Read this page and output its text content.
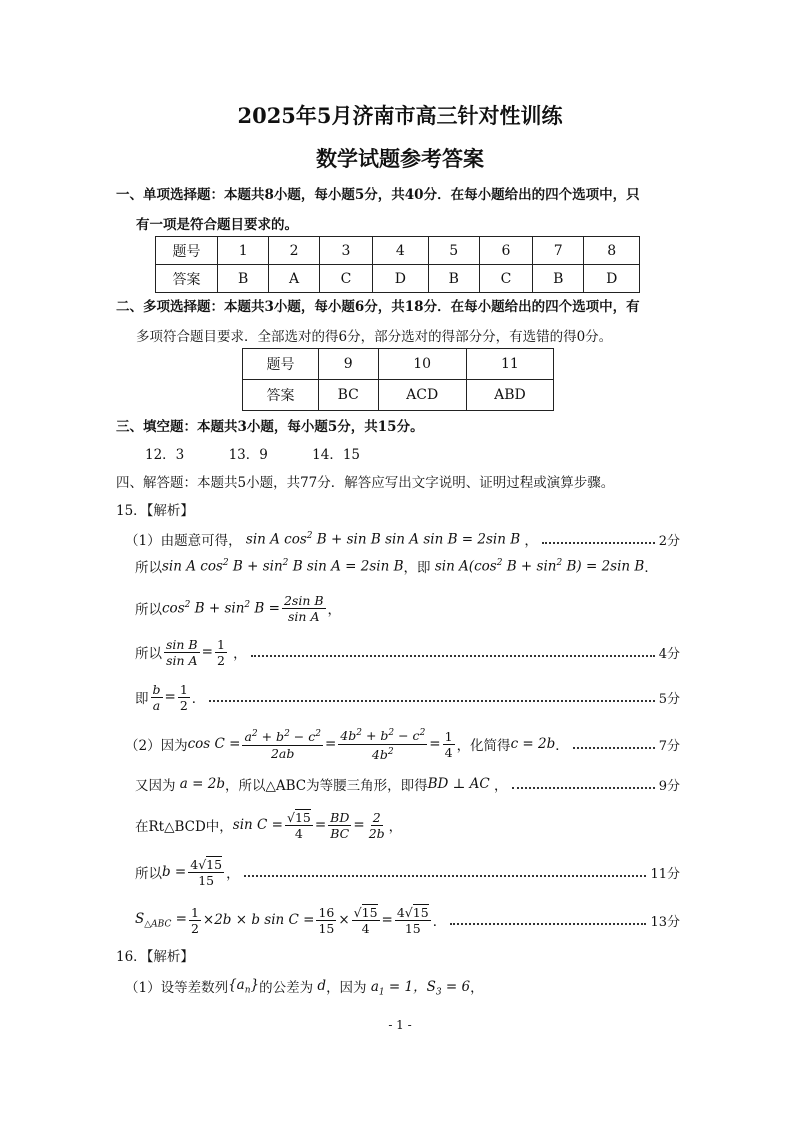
2025年5月济南市高三针对性训练
数学试题参考答案
一、单项选择题：本题共8小题，每小题5分，共40分．在每小题给出的四个选项中，只
有一项是符合题目要求的。
题号	1	2	3	4	5	6	7	8
答案	B	A	C	D	B	C	B	D
二、多项选择题：本题共3小题，每小题6分，共18分．在每小题给出的四个选项中，有
多项符合题目要求．全部选对的得6分，部分选对的得部分分，有选错的得0分。
题号	9	10	11
答案	BC	ACD	ABD
三、填空题：本题共3小题，每小题5分，共15分。
12．3	13．9	14．15
四、解答题：本题共5小题，共77分．解答应写出文字说明、证明过程或演算步骤。
15．【解析】
（1）由题意可得， sin A $\cos^2 B + \sin B$ sin A sin B = 2sin B ，	2分
所以 sin A $\cos^2 B + \sin^2 B$ sin A = 2sin B ，即 $\sin A(\cos^2$ $B + \sin^2 B) = 2\sin$ B ．
所以 $\cos^2 B + \sin^2 B = \frac{\text{2sin B}}{\text{sin A}}$ ，
所以 $\frac{\text{sin B}}{\text{sin A}} = \frac{1}{2}$ ，	4分
即 $\frac{b}{a} = \frac{1}{2}$ ．	5分
（2）因为 $\cos C = \frac{a^2 + b^2 - c^2}{2ab} = \frac{4b^2 + b^2 - c^2}{4b^2} = \frac{1}{4}$ ，化简得 c = 2b ．	7分
又因为 a = 2b ，所以△ABC为等腰三角形，即得 BD ⊥ AC ，	9分
在Rt△BCD中， $\sin C = \frac{√15}{4} = \frac{BD}{BC} = \frac{2}{2b}$ ，
所以 $b = \frac{4√15}{15}$ ，	11分
$S_{\triangle ABC} = \frac{1}{2} \times 2b \times b$ $\sin C = \frac{16}{15} \times \frac{√15}{4} = \frac{4√15}{15}$ ．	13分
16．【解析】
（1）设等差数列 $\{a_n\}$ 的公差为 d ，因为 $a_1 = 1$，$S_3 = 6$ ，
- 1 -
